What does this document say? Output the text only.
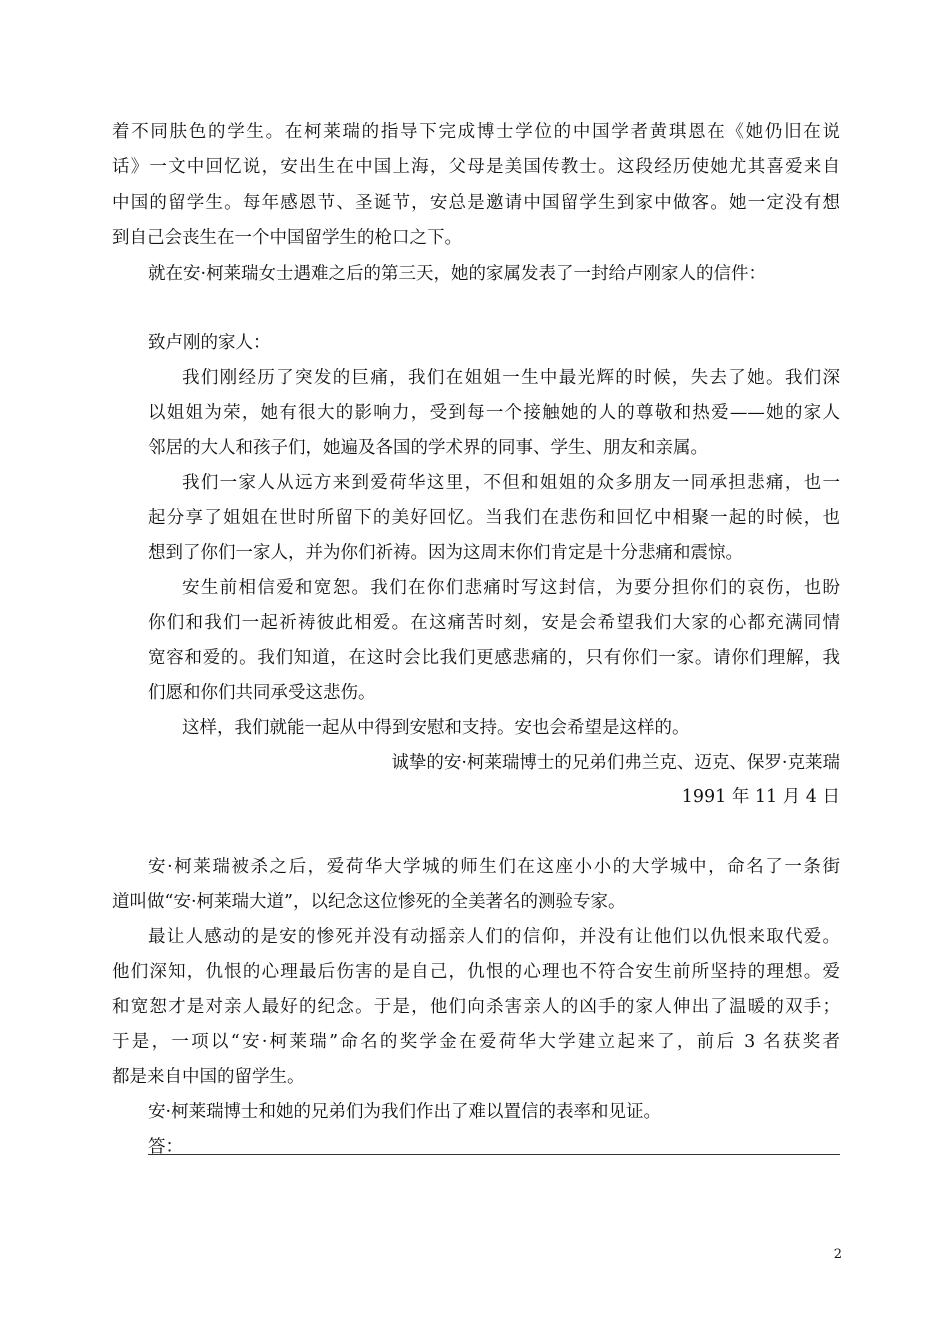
着不同肤色的学生。在柯莱瑞的指导下完成博士学位的中国学者黄琪恩在《她仍旧在说

话》一文中回忆说，安出生在中国上海，父母是美国传教士。这段经历使她尤其喜爱来自

中国的留学生。每年感恩节、圣诞节，安总是邀请中国留学生到家中做客。她一定没有想

到自己会丧生在一个中国留学生的枪口之下。

就在安·柯莱瑞女士遇难之后的第三天，她的家属发表了一封给卢刚家人的信件：

致卢刚的家人：

我们刚经历了突发的巨痛，我们在姐姐一生中最光辉的时候，失去了她。我们深

以姐姐为荣，她有很大的影响力，受到每一个接触她的人的尊敬和热爱——她的家人

邻居的大人和孩子们，她遍及各国的学术界的同事、学生、朋友和亲属。

我们一家人从远方来到爱荷华这里，不但和姐姐的众多朋友一同承担悲痛，也一

起分享了姐姐在世时所留下的美好回忆。当我们在悲伤和回忆中相聚一起的时候，也

想到了你们一家人，并为你们祈祷。因为这周末你们肯定是十分悲痛和震惊。

安生前相信爱和宽恕。我们在你们悲痛时写这封信，为要分担你们的哀伤，也盼

你们和我们一起祈祷彼此相爱。在这痛苦时刻，安是会希望我们大家的心都充满同情

宽容和爱的。我们知道，在这时会比我们更感悲痛的，只有你们一家。请你们理解，我

们愿和你们共同承受这悲伤。

这样，我们就能一起从中得到安慰和支持。安也会希望是这样的。

诚挚的安·柯莱瑞博士的兄弟们弗兰克、迈克、保罗·克莱瑞

1991 年 11 月 4 日

安·柯莱瑞被杀之后，爱荷华大学城的师生们在这座小小的大学城中，命名了一条街

道叫做“安·柯莱瑞大道”，以纪念这位惨死的全美著名的测验专家。

最让人感动的是安的惨死并没有动摇亲人们的信仰，并没有让他们以仇恨来取代爱。

他们深知，仇恨的心理最后伤害的是自己，仇恨的心理也不符合安生前所坚持的理想。爱

和宽恕才是对亲人最好的纪念。于是，他们向杀害亲人的凶手的家人伸出了温暖的双手；

于是，一项以“安·柯莱瑞”命名的奖学金在爱荷华大学建立起来了，前后 3 名获奖者

都是来自中国的留学生。

安·柯莱瑞博士和她的兄弟们为我们作出了难以置信的表率和见证。

答：

2
